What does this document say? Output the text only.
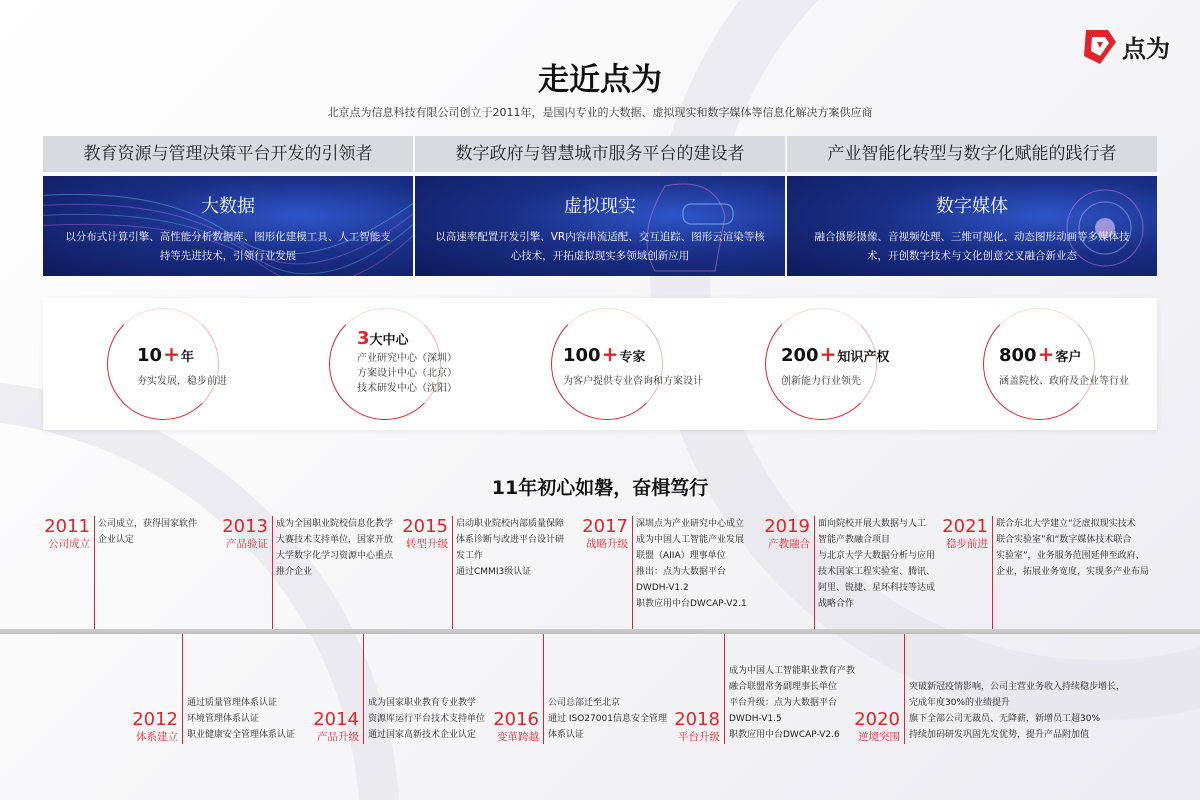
点为
走近点为

北京点为信息科技有限公司创立于2011年，是国内专业的大数据、虚拟现实和数字媒体等信息化解决方案供应商

教育资源与管理决策平台开发的引领者
大数据
以分布式计算引擎、高性能分析数据库、图形化建模工具、人工智能支持等先进技术，引领行业发展
数字政府与智慧城市服务平台的建设者
虚拟现实
以高速率配置开发引擎、VR内容串流适配、交互追踪、图形云渲染等核心技术，开拓虚拟现实多领域创新应用
产业智能化转型与数字化赋能的践行者
数字媒体
融合摄影摄像、音视频处理、三维可视化、动态图形动画等多媒体技术，开创数字技术与文化创意交叉融合新业态
10+年
夯实发展，稳步前进
3大中心
产业研究中心（深圳）
方案设计中心（北京）
技术研发中心（沈阳）
100+专家
为客户提供专业咨询和方案设计
200+知识产权
创新能力行业领先
800+客户
涵盖院校、政府及企业等行业
11年初心如磐，奋楫笃行
2011
公司成立
公司成立，获得国家软件
企业认定
2013
产品验证
成为全国职业院校信息化教学
大赛技术支持单位，国家开放
大学数字化学习资源中心重点
推介企业
2015
转型升级
启动职业院校内部质量保障
体系诊断与改进平台设计研
发工作
通过CMMI3级认证
2017
战略升级
深圳点为产业研究中心成立
成为中国人工智能产业发展
联盟（AIIA）理事单位
推出：点为大数据平台
DWDH-V1.2
职教应用中台DWCAP-V2.1
2019
产教融合
面向院校开展大数据与人工
智能产教融合项目
与北京大学大数据分析与应用
技术国家工程实验室、腾讯、
阿里、锐捷、星环科技等达成
战略合作
2021
稳步前进
联合东北大学建立“泛虚拟现实技术
联合实验室”和“数字媒体技术联合
实验室”，业务服务范围延伸至政府、
企业，拓展业务宽度，实现多产业布局
通过质量管理体系认证
环境管理体系认证
职业健康安全管理体系认证
2012
体系建立
成为国家职业教育专业教学
资源库运行平台技术支持单位
通过国家高新技术企业认定
2014
产品升级
公司总部迁至北京
通过 ISO27001信息安全管理
体系认证
2016
变革跨越
成为中国人工智能职业教育产教
融合联盟常务副理事长单位
平台升级：点为大数据平台
DWDH-V1.5
职教应用中台DWCAP-V2.6
2018
平台升级
突破新冠疫情影响，公司主营业务收入持续稳步增长，
完成年度30%的业绩提升
旗下全部公司无裁员、无降薪，新增员工超30%
持续加码研发巩固先发优势，提升产品附加值
2020
逆境突围
